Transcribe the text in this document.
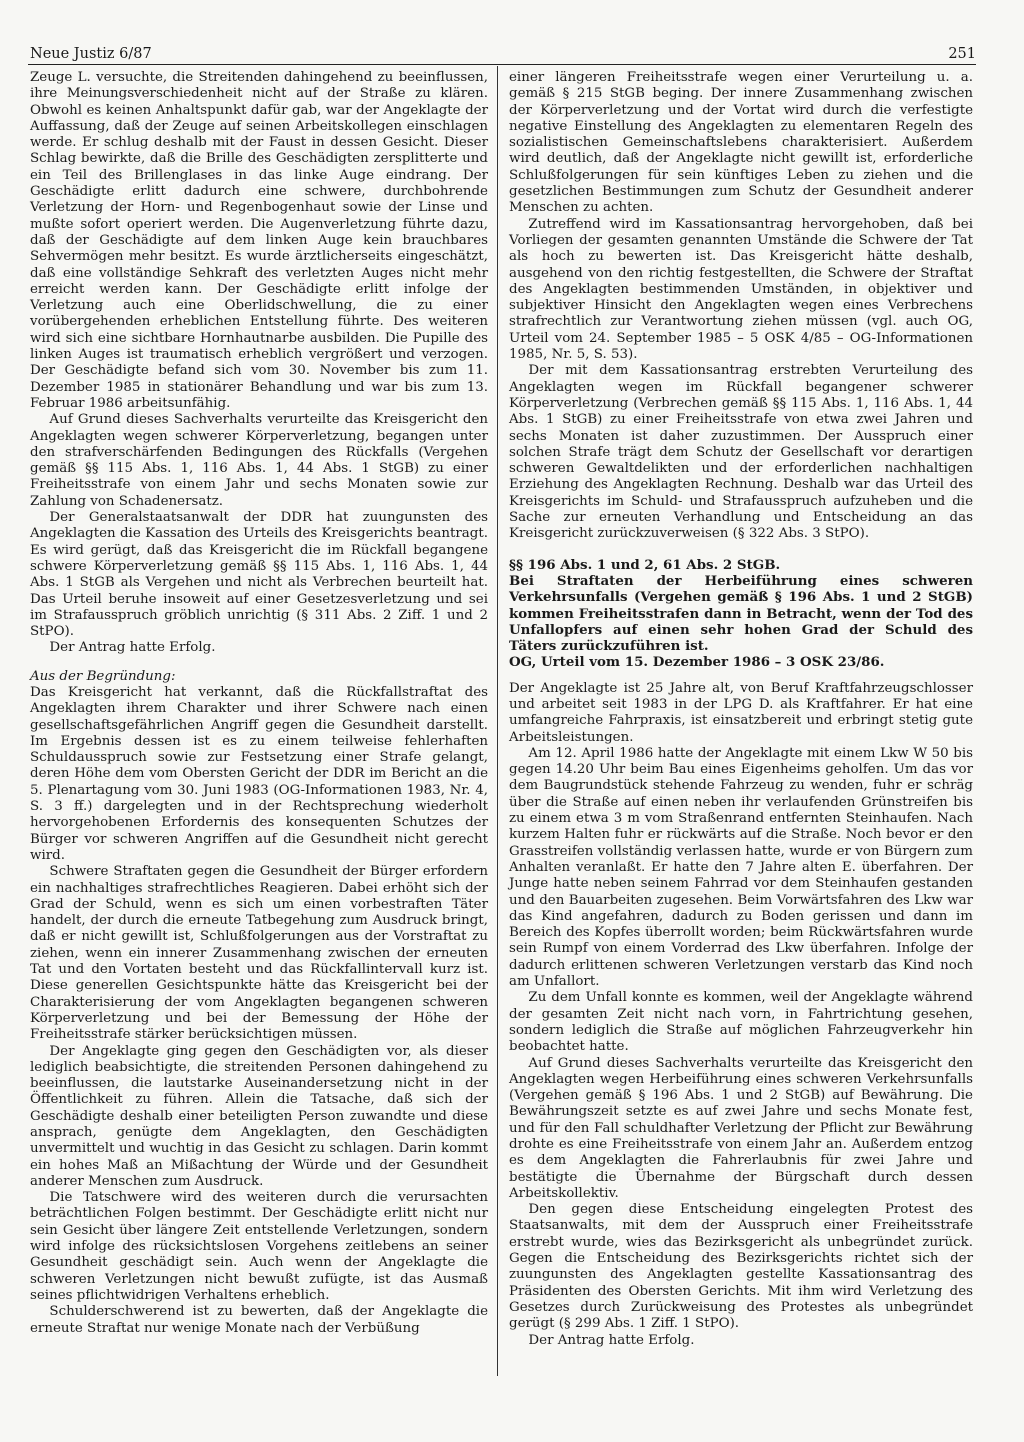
Neue Justiz 6/87	251

Zeuge L. versuchte, die Streitenden dahingehend zu beeinflussen, ihre Meinungsverschiedenheit nicht auf der Straße zu klären. Obwohl es keinen Anhaltspunkt dafür gab, war der Angeklagte der Auffassung, daß der Zeuge auf seinen Arbeitskollegen einschlagen werde. Er schlug deshalb mit der Faust in dessen Gesicht. Dieser Schlag bewirkte, daß die Brille des Geschädigten zersplitterte und ein Teil des Brillenglases in das linke Auge eindrang. Der Geschädigte erlitt dadurch eine schwere, durchbohrende Verletzung der Horn- und Regenbogenhaut sowie der Linse und mußte sofort operiert werden. Die Augenverletzung führte dazu, daß der Geschädigte auf dem linken Auge kein brauchbares Sehvermögen mehr besitzt. Es wurde ärztlicherseits eingeschätzt, daß eine vollständige Sehkraft des verletzten Auges nicht mehr erreicht werden kann. Der Geschädigte erlitt infolge der Verletzung auch eine Oberlidschwellung, die zu einer vorübergehenden erheblichen Entstellung führte. Des weiteren wird sich eine sichtbare Hornhautnarbe ausbilden. Die Pupille des linken Auges ist traumatisch erheblich vergrößert und verzogen. Der Geschädigte befand sich vom 30. November bis zum 11. Dezember 1985 in stationärer Behandlung und war bis zum 13. Februar 1986 arbeitsunfähig.

Auf Grund dieses Sachverhalts verurteilte das Kreisgericht den Angeklagten wegen schwerer Körperverletzung, begangen unter den strafverschärfenden Bedingungen des Rückfalls (Vergehen gemäß §§ 115 Abs. 1, 116 Abs. 1, 44 Abs. 1 StGB) zu einer Freiheitsstrafe von einem Jahr und sechs Monaten sowie zur Zahlung von Schadenersatz.

Der Generalstaatsanwalt der DDR hat zuungunsten des Angeklagten die Kassation des Urteils des Kreisgerichts beantragt. Es wird gerügt, daß das Kreisgericht die im Rückfall begangene schwere Körperverletzung gemäß §§ 115 Abs. 1, 116 Abs. 1, 44 Abs. 1 StGB als Vergehen und nicht als Verbrechen beurteilt hat. Das Urteil beruhe insoweit auf einer Gesetzesverletzung und sei im Strafausspruch gröblich unrichtig (§ 311 Abs. 2 Ziff. 1 und 2 StPO).

Der Antrag hatte Erfolg.

Aus der Begründung:

Das Kreisgericht hat verkannt, daß die Rückfallstraftat des Angeklagten ihrem Charakter und ihrer Schwere nach einen gesellschaftsgefährlichen Angriff gegen die Gesundheit darstellt. Im Ergebnis dessen ist es zu einem teilweise fehlerhaften Schuldausspruch sowie zur Festsetzung einer Strafe gelangt, deren Höhe dem vom Obersten Gericht der DDR im Bericht an die 5. Plenartagung vom 30. Juni 1983 (OG-Informationen 1983, Nr. 4, S. 3 ff.) dargelegten und in der Rechtsprechung wiederholt hervorgehobenen Erfordernis des konsequenten Schutzes der Bürger vor schweren Angriffen auf die Gesundheit nicht gerecht wird.

Schwere Straftaten gegen die Gesundheit der Bürger erfordern ein nachhaltiges strafrechtliches Reagieren. Dabei erhöht sich der Grad der Schuld, wenn es sich um einen vorbestraften Täter handelt, der durch die erneute Tatbegehung zum Ausdruck bringt, daß er nicht gewillt ist, Schlußfolgerungen aus der Vorstraftat zu ziehen, wenn ein innerer Zusammenhang zwischen der erneuten Tat und den Vortaten besteht und das Rückfallintervall kurz ist. Diese generellen Gesichtspunkte hätte das Kreisgericht bei der Charakterisierung der vom Angeklagten begangenen schweren Körperverletzung und bei der Bemessung der Höhe der Freiheitsstrafe stärker berücksichtigen müssen.

Der Angeklagte ging gegen den Geschädigten vor, als dieser lediglich beabsichtigte, die streitenden Personen dahingehend zu beeinflussen, die lautstarke Auseinandersetzung nicht in der Öffentlichkeit zu führen. Allein die Tatsache, daß sich der Geschädigte deshalb einer beteiligten Person zuwandte und diese ansprach, genügte dem Angeklagten, den Geschädigten unvermittelt und wuchtig in das Gesicht zu schlagen. Darin kommt ein hohes Maß an Mißachtung der Würde und der Gesundheit anderer Menschen zum Ausdruck.

Die Tatschwere wird des weiteren durch die verursachten beträchtlichen Folgen bestimmt. Der Geschädigte erlitt nicht nur sein Gesicht über längere Zeit entstellende Verletzungen, sondern wird infolge des rücksichtslosen Vorgehens zeitlebens an seiner Gesundheit geschädigt sein. Auch wenn der Angeklagte die schweren Verletzungen nicht bewußt zufügte, ist das Ausmaß seines pflichtwidrigen Verhaltens erheblich.

Schulderschwerend ist zu bewerten, daß der Angeklagte die erneute Straftat nur wenige Monate nach der Verbüßung

einer längeren Freiheitsstrafe wegen einer Verurteilung u. a. gemäß § 215 StGB beging. Der innere Zusammenhang zwischen der Körperverletzung und der Vortat wird durch die verfestigte negative Einstellung des Angeklagten zu elementaren Regeln des sozialistischen Gemeinschaftslebens charakterisiert. Außerdem wird deutlich, daß der Angeklagte nicht gewillt ist, erforderliche Schlußfolgerungen für sein künftiges Leben zu ziehen und die gesetzlichen Bestimmungen zum Schutz der Gesundheit anderer Menschen zu achten.

Zutreffend wird im Kassationsantrag hervorgehoben, daß bei Vorliegen der gesamten genannten Umstände die Schwere der Tat als hoch zu bewerten ist. Das Kreisgericht hätte deshalb, ausgehend von den richtig festgestellten, die Schwere der Straftat des Angeklagten bestimmenden Umständen, in objektiver und subjektiver Hinsicht den Angeklagten wegen eines Verbrechens strafrechtlich zur Verantwortung ziehen müssen (vgl. auch OG, Urteil vom 24. September 1985 – 5 OSK 4/85 – OG-Informationen 1985, Nr. 5, S. 53).

Der mit dem Kassationsantrag erstrebten Verurteilung des Angeklagten wegen im Rückfall begangener schwerer Körperverletzung (Verbrechen gemäß §§ 115 Abs. 1, 116 Abs. 1, 44 Abs. 1 StGB) zu einer Freiheitsstrafe von etwa zwei Jahren und sechs Monaten ist daher zuzustimmen. Der Ausspruch einer solchen Strafe trägt dem Schutz der Gesellschaft vor derartigen schweren Gewaltdelikten und der erforderlichen nachhaltigen Erziehung des Angeklagten Rechnung. Deshalb war das Urteil des Kreisgerichts im Schuld- und Strafausspruch aufzuheben und die Sache zur erneuten Verhandlung und Entscheidung an das Kreisgericht zurückzuverweisen (§ 322 Abs. 3 StPO).

§§ 196 Abs. 1 und 2, 61 Abs. 2 StGB.

Bei Straftaten der Herbeiführung eines schweren Verkehrsunfalls (Vergehen gemäß § 196 Abs. 1 und 2 StGB) kommen Freiheitsstrafen dann in Betracht, wenn der Tod des Unfallopfers auf einen sehr hohen Grad der Schuld des Täters zurückzuführen ist.

OG, Urteil vom 15. Dezember 1986 – 3 OSK 23/86.

Der Angeklagte ist 25 Jahre alt, von Beruf Kraftfahrzeugschlosser und arbeitet seit 1983 in der LPG D. als Kraftfahrer. Er hat eine umfangreiche Fahrpraxis, ist einsatzbereit und erbringt stetig gute Arbeitsleistungen.

Am 12. April 1986 hatte der Angeklagte mit einem Lkw W 50 bis gegen 14.20 Uhr beim Bau eines Eigenheims geholfen. Um das vor dem Baugrundstück stehende Fahrzeug zu wenden, fuhr er schräg über die Straße auf einen neben ihr verlaufenden Grünstreifen bis zu einem etwa 3 m vom Straßenrand entfernten Steinhaufen. Nach kurzem Halten fuhr er rückwärts auf die Straße. Noch bevor er den Grasstreifen vollständig verlassen hatte, wurde er von Bürgern zum Anhalten veranlaßt. Er hatte den 7 Jahre alten E. überfahren. Der Junge hatte neben seinem Fahrrad vor dem Steinhaufen gestanden und den Bauarbeiten zugesehen. Beim Vorwärtsfahren des Lkw war das Kind angefahren, dadurch zu Boden gerissen und dann im Bereich des Kopfes überrollt worden; beim Rückwärtsfahren wurde sein Rumpf von einem Vorderrad des Lkw überfahren. Infolge der dadurch erlittenen schweren Verletzungen verstarb das Kind noch am Unfallort.

Zu dem Unfall konnte es kommen, weil der Angeklagte während der gesamten Zeit nicht nach vorn, in Fahrtrichtung gesehen, sondern lediglich die Straße auf möglichen Fahrzeugverkehr hin beobachtet hatte.

Auf Grund dieses Sachverhalts verurteilte das Kreisgericht den Angeklagten wegen Herbeiführung eines schweren Verkehrsunfalls (Vergehen gemäß § 196 Abs. 1 und 2 StGB) auf Bewährung. Die Bewährungszeit setzte es auf zwei Jahre und sechs Monate fest, und für den Fall schuldhafter Verletzung der Pflicht zur Bewährung drohte es eine Freiheitsstrafe von einem Jahr an. Außerdem entzog es dem Angeklagten die Fahrerlaubnis für zwei Jahre und bestätigte die Übernahme der Bürgschaft durch dessen Arbeitskollektiv.

Den gegen diese Entscheidung eingelegten Protest des Staatsanwalts, mit dem der Ausspruch einer Freiheitsstrafe erstrebt wurde, wies das Bezirksgericht als unbegründet zurück. Gegen die Entscheidung des Bezirksgerichts richtet sich der zuungunsten des Angeklagten gestellte Kassationsantrag des Präsidenten des Obersten Gerichts. Mit ihm wird Verletzung des Gesetzes durch Zurückweisung des Protestes als unbegründet gerügt (§ 299 Abs. 1 Ziff. 1 StPO).

Der Antrag hatte Erfolg.
